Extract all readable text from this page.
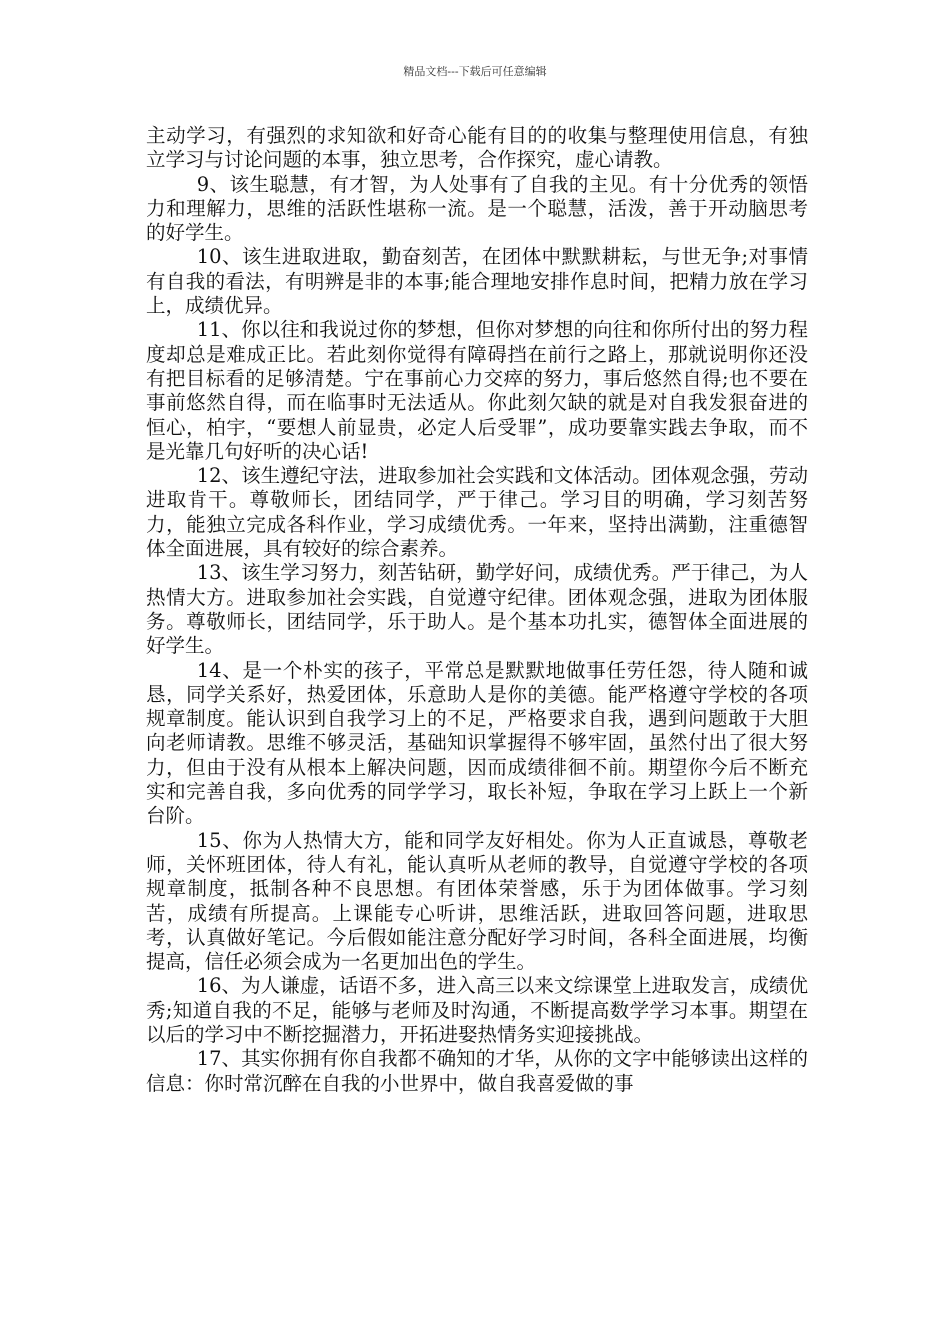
精品文档---下载后可任意编辑

主动学习，有强烈的求知欲和好奇心能有目的的收集与整理使用信息，有独立学习与讨论问题的本事，独立思考，合作探究，虚心请教。

9、该生聪慧，有才智，为人处事有了自我的主见。有十分优秀的领悟力和理解力，思维的活跃性堪称一流。是一个聪慧，活泼，善于开动脑思考的好学生。

10、该生进取进取，勤奋刻苦，在团体中默默耕耘，与世无争;对事情有自我的看法，有明辨是非的本事;能合理地安排作息时间，把精力放在学习上，成绩优异。

11、你以往和我说过你的梦想，但你对梦想的向往和你所付出的努力程度却总是难成正比。若此刻你觉得有障碍挡在前行之路上，那就说明你还没有把目标看的足够清楚。宁在事前心力交瘁的努力，事后悠然自得;也不要在事前悠然自得，而在临事时无法适从。你此刻欠缺的就是对自我发狠奋进的恒心，柏宇，“要想人前显贵，必定人后受罪”，成功要靠实践去争取，而不是光靠几句好听的决心话!

12、该生遵纪守法，进取参加社会实践和文体活动。团体观念强，劳动进取肯干。尊敬师长，团结同学，严于律己。学习目的明确，学习刻苦努力，能独立完成各科作业，学习成绩优秀。一年来，坚持出满勤，注重德智体全面进展，具有较好的综合素养。

13、该生学习努力，刻苦钻研，勤学好问，成绩优秀。严于律己，为人热情大方。进取参加社会实践，自觉遵守纪律。团体观念强，进取为团体服务。尊敬师长，团结同学，乐于助人。是个基本功扎实，德智体全面进展的好学生。

14、是一个朴实的孩子，平常总是默默地做事任劳任怨，待人随和诚恳，同学关系好，热爱团体，乐意助人是你的美德。能严格遵守学校的各项规章制度。能认识到自我学习上的不足，严格要求自我，遇到问题敢于大胆向老师请教。思维不够灵活，基础知识掌握得不够牢固，虽然付出了很大努力，但由于没有从根本上解决问题，因而成绩徘徊不前。期望你今后不断充实和完善自我，多向优秀的同学学习，取长补短，争取在学习上跃上一个新台阶。

15、你为人热情大方，能和同学友好相处。你为人正直诚恳，尊敬老师，关怀班团体，待人有礼，能认真听从老师的教导，自觉遵守学校的各项规章制度，抵制各种不良思想。有团体荣誉感，乐于为团体做事。学习刻苦，成绩有所提高。上课能专心听讲，思维活跃，进取回答问题，进取思考，认真做好笔记。今后假如能注意分配好学习时间，各科全面进展，均衡提高，信任必须会成为一名更加出色的学生。

16、为人谦虚，话语不多，进入高三以来文综课堂上进取发言，成绩优秀;知道自我的不足，能够与老师及时沟通，不断提高数学学习本事。期望在以后的学习中不断挖掘潜力，开拓进娶热情务实迎接挑战。

17、其实你拥有你自我都不确知的才华，从你的文字中能够读出这样的信息：你时常沉醉在自我的小世界中，做自我喜爱做的事
